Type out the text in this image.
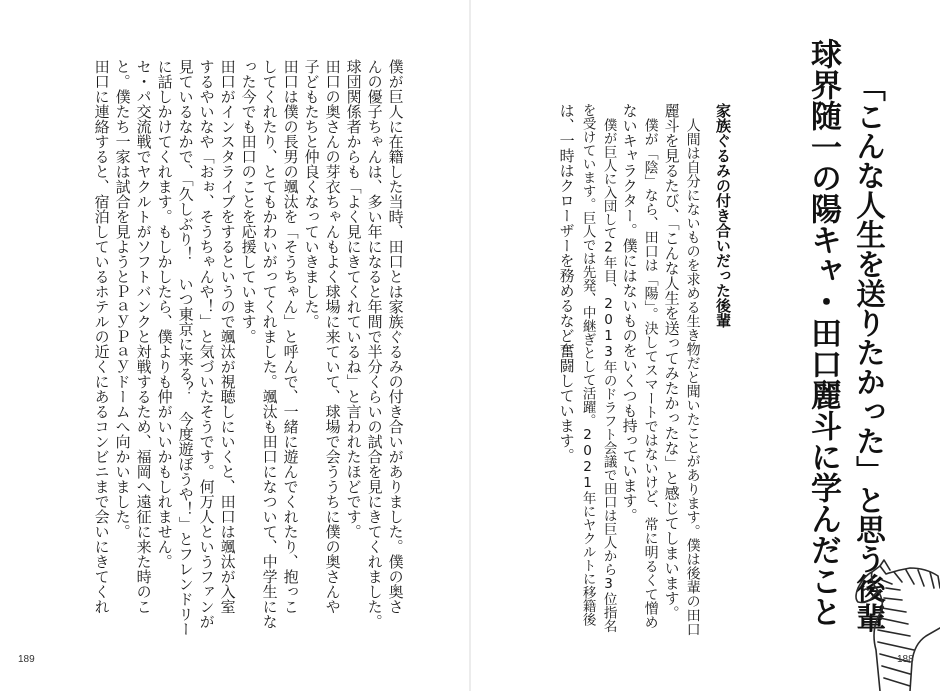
「こんな人生を送りたかった」と思う後輩
球界随一の陽キャ・田口麗斗に学んだこと
家族ぐるみの付き合いだった後輩
人間は自分にないものを求める生き物だと聞いたことがあります。僕は後輩の田口
麗斗を見るたび、「こんな人生を送ってみたかったな」と感じてしまいます。
僕が「陰」なら、田口は「陽」。決してスマートではないけど、常に明るくて憎め
ないキャラクター。僕にはないものをいくつも持っています。
僕が巨人に入団して2年目、2013年のドラフト会議で田口は巨人から3位指名
を受けています。巨人では先発、中継ぎとして活躍。2021年にヤクルトに移籍後
は、一時はクローザーを務めるなど奮闘しています。
188
僕が巨人に在籍した当時、田口とは家族ぐるみの付き合いがありました。僕の奥さ
んの優子ちゃんは、多い年になると年間で半分くらいの試合を見にきてくれました。
球団関係者からも「よく見にきてくれているね」と言われたほどです。
田口の奥さんの芽衣ちゃんもよく球場に来ていて、球場で会ううちに僕の奥さんや
子どもたちと仲良くなっていきました。
田口は僕の長男の颯汰を「そうちゃん」と呼んで、一緒に遊んでくれたり、抱っこ
してくれたり、とてもかわいがってくれました。颯汰も田口になついて、中学生にな
った今でも田口のことを応援しています。
田口がインスタライブをするというので颯汰が視聴しにいくと、田口は颯汰が入室
するやいなや「おぉ、そうちゃんや！」と気づいたそうです。何万人というファンが
見ているなかで、「久しぶり！　いつ東京に来る？　今度遊ぼうや！」とフレンドリー
に話しかけてくれます。もしかしたら、僕よりも仲がいいかもしれません。
セ・パ交流戦でヤクルトがソフトバンクと対戦するため、福岡へ遠征に来た時のこ
と。僕たち一家は試合を見ようとＰａｙＰａｙドームへ向かいました。
田口に連絡すると、宿泊しているホテルの近くにあるコンビニまで会いにきてくれ
189
